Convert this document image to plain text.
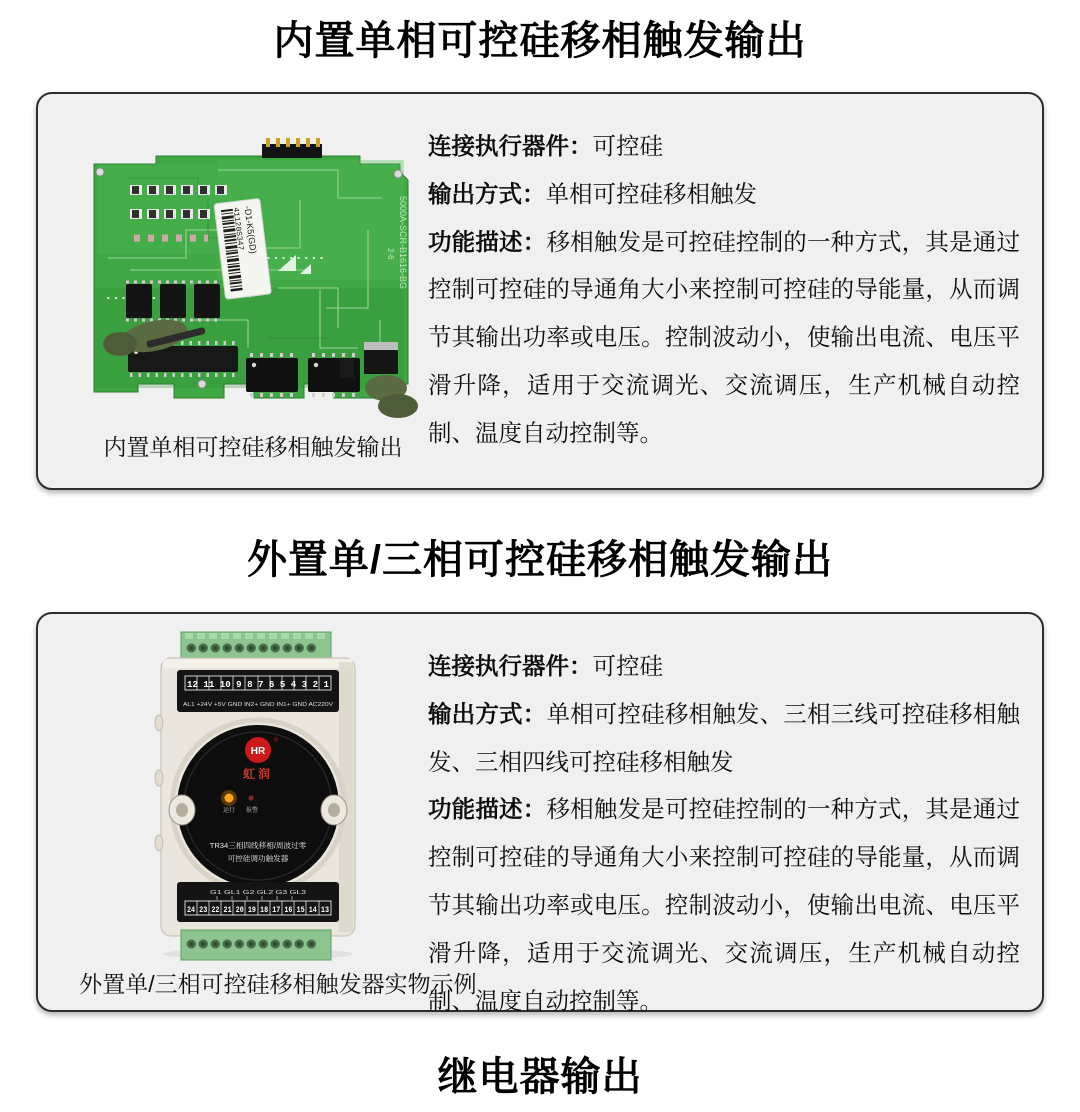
内置单相可控硅移相触发输出
-D1-K5(GD)
41120S347	5000A-SCR-B1616-BG
2-6
内置单相可控硅移相触发输出

连接执行器件：可控硅

输出方式：单相可控硅移相触发

功能描述：移相触发是可控硅控制的一种方式，其是通过控制可控硅的导通角大小来控制可控硅的导能量，从而调节其输出功率或电压。控制波动小，使输出电流、电压平滑升降，适用于交流调光、交流调压，生产机械自动控制、温度自动控制等。

外置单/三相可控硅移相触发输出
12 11 10 9 8 7 6 5 4 3 2 1
AL1 +24V +5V GND IN2+ GND IN1+ GND AC220V
HR
®
虹润
运行 报警
TR34三相四线移相/周波过零
可控硅调功触发器
G1 GL1 G2 GL2 G3 GL3
24 23 22 21 20 19 18 17 16 15 14 13
外置单/三相可控硅移相触发器实物示例

连接执行器件：可控硅

输出方式：单相可控硅移相触发、三相三线可控硅移相触发、三相四线可控硅移相触发

功能描述：移相触发是可控硅控制的一种方式，其是通过控制可控硅的导通角大小来控制可控硅的导能量，从而调节其输出功率或电压。控制波动小，使输出电流、电压平滑升降，适用于交流调光、交流调压，生产机械自动控制、温度自动控制等。

继电器输出
